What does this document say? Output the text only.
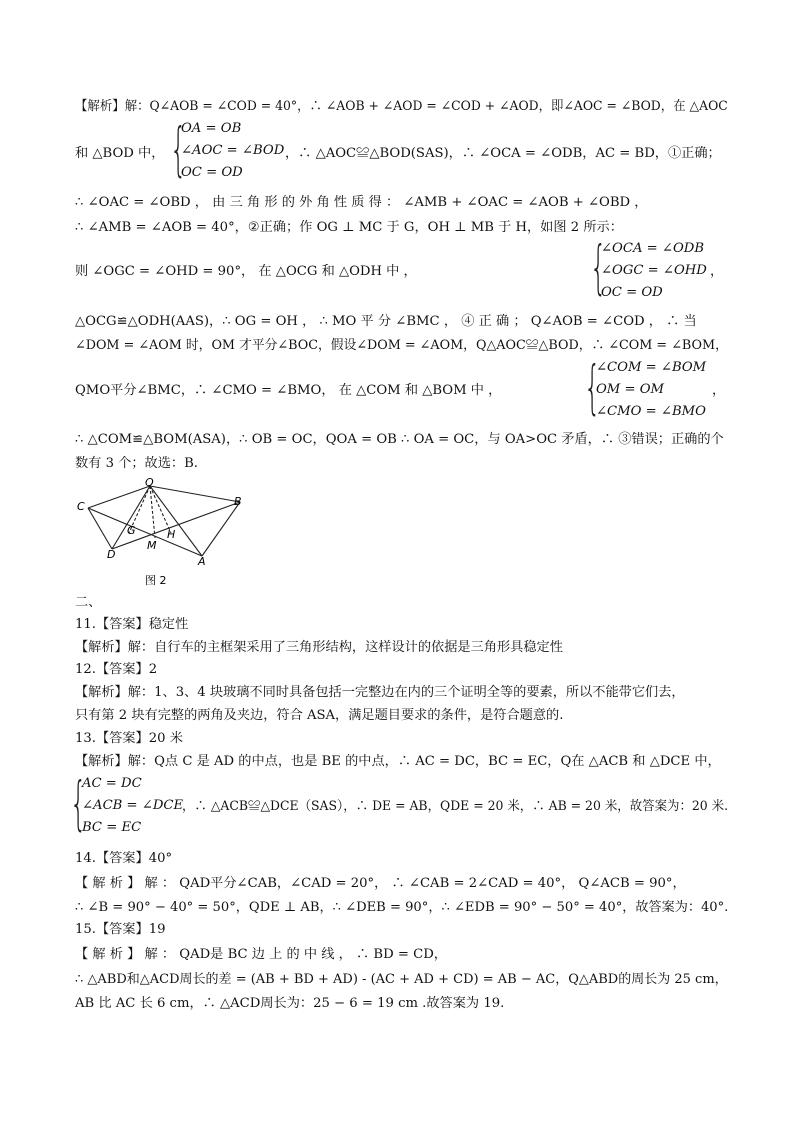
【解析】解：Q∠AOB = ∠COD = 40°，∴ ∠AOB + ∠AOD = ∠COD + ∠AOD，即∠AOC = ∠BOD，在 △AOC
和 △BOD 中， {
OA = OB
∠AOC = ∠BOD
OC = OD
，∴ △AOC≌△BOD(SAS)，∴ ∠OCA = ∠ODB，AC = BD，①正确；
∴ ∠OAC = ∠OBD ， 由 三 角 形 的 外 角 性 质 得 ： ∠AMB + ∠OAC = ∠AOB + ∠OBD ，
∴ ∠AMB = ∠AOB = 40°，②正确；作 OG ⊥ MC 于 G，OH ⊥ MB 于 H，如图 2 所示：
则 ∠OGC = ∠OHD = 90°， 在 △OCG 和 △ODH 中 ，	{
∠OCA = ∠ODB
∠OGC = ∠OHD
OC = OD
，
△OCG≌△ODH(AAS)，∴ OG = OH ， ∴ MO 平 分 ∠BMC ， ④ 正 确 ； Q∠AOB = ∠COD ， ∴ 当
∠DOM = ∠AOM 时，OM 才平分∠BOC，假设∠DOM = ∠AOM，Q△AOC≌△BOD，∴ ∠COM = ∠BOM，
QMO平分∠BMC，∴ ∠CMO = ∠BMO， 在 △COM 和 △BOM 中 ， {
∠COM = ∠BOM
OM = OM
∠CMO = ∠BMO
，
∴ △COM≌△BOM(ASA)，∴ OB = OC，QOA = OB ∴ OA = OC，与 OA>OC 矛盾，∴ ③错误；正确的个
数有 3 个；故选：B.
O
C	B
G	H
D
M
A
图 2
二、
11.【答案】稳定性
【解析】解：自行车的主框架采用了三角形结构，这样设计的依据是三角形具稳定性
12.【答案】2
【解析】解：1、3、4 块玻璃不同时具备包括一完整边在内的三个证明全等的要素，所以不能带它们去，
只有第 2 块有完整的两角及夹边，符合 ASA，满足题目要求的条件，是符合题意的.
13.【答案】20 米
【解析】解：Q点 C 是 AD 的中点，也是 BE 的中点，∴ AC = DC，BC = EC，Q在 △ACB 和 △DCE 中，
{
AC = DC
∠ACB = ∠DCE
BC = EC
，∴ △ACB≌△DCE（SAS），∴ DE = AB，QDE = 20 米，∴ AB = 20 米，故答案为：20 米.
14.【答案】40°
【 解 析 】 解 ： QAD平分∠CAB，∠CAD = 20°， ∴ ∠CAB = 2∠CAD = 40°， Q∠ACB = 90°，
∴ ∠B = 90° − 40° = 50°，QDE ⊥ AB，∴ ∠DEB = 90°，∴ ∠EDB = 90° − 50° = 40°，故答案为：40°.
15.【答案】19
【 解 析 】 解 ： QAD是 BC 边 上 的 中 线 ， ∴ BD = CD，
∴ △ABD和△ACD周长的差 = (AB + BD + AD) - (AC + AD + CD) = AB − AC，Q△ABD的周长为 25 cm，
AB 比 AC 长 6 cm，∴ △ACD周长为：25 − 6 = 19 cm .故答案为 19.
